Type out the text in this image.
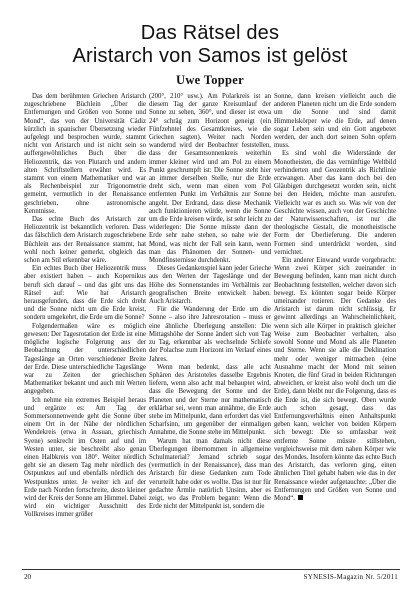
Das Rätsel des
Aristarch von Samos ist gelöst
Uwe Topper

Das dem berühmten Griechen Aristarch zugeschriebene Büchlein „Über die Entfernungen und Größen von Sonne und Mond“, das von der Universität Cádiz kürzlich in spanischer Übersetzung wieder aufgelegt und besprochen wurde, stammt nicht von Aristarch und ist nicht sein so auffergewöhnliches Buch über die Heliozentrik, das von Plutarch und andern alten Schriftstellern erwähnt wird. Es stammt von einem Mathematiker und war als Rechenbeispiel zur Trigonometrie gemeint, vermutlich in der Renaissance geschrieben, ohne astronomische Kenntnisse.

Das echte Buch des Aristarch zur Heliozentrik ist bekanntlich verloren. Dass das fälschlich dem Aristarch zugeschriebene Büchlein aus der Renaissance stammt, hat wohl noch keiner gemerkt, obgleich das schon am Stil erkennbar wäre.

Ein echtes Buch über Heliozentrik muss aber existiert haben – auch Kopernikus beruft sich darauf – und das gibt uns das Rätsel auf: Wie hat Aristarch herausgefunden, dass die Erde sich dreht und die Sonne nicht um die Erde kreist, sondern umgekehrt, die Erde um die Sonne?

Folgendermaßen wäre es möglich gewesen: Der Tagesrotation der Erde ist eine mögliche logische Folgerung aus der Beobachtung der unterschiedlichen Tageslänge an Orten verschiedener Breite der Erde. Diese unterschiedliche Tageslänge war zu Zeiten der griechischen Mathematiker bekannt und auch mit Werten angegeben.

Ich nehme ein extremes Beispiel heraus und ergänze es: Am Tag der Sommersonnenwende geht die Sonne über einem Ort in der Nähe der nördlichen Wendekreis (etwa in Assuan, griechisch Syene) senkrecht im Osten auf und im Westen unter, sie beschreibt also genau einen Halbkreis von 180°. Weiter nördlich geht sie an diesem Tag mehr nördlich des Ostpunktes auf und ebenfalls nördlich des Westpunktes unter. Je weiter ich auf der Erde nach Norden fortschreite, desto kleiner wird der Kreis der Sonne am Himmel. Dabei wird ein wichtiger Ausschnitt des Vollkreises immer größer

(200°, 210° usw.). Am Polarkreis ist an diesem Tag der ganze Kreisumlauf der Sonne zu sehen, 360°, und dieser ist etwa 24° schräg zum Horizont geneigt (ein Fünfzehntel des Gesamtkreises, wie die Griechen sagten). Weiter nach Norden wandernd wird der Beobachter feststellen, dass der Gesamtsonnenkreis weiterhin immer kleiner wird und am Pol zu einem Punkt geschrumpft ist: Die Sonne steht hier an immer derselben Stelle, nur die Erde dreht sich, wenn man einen vom Pol entfernten Punkt im Verhältnis zur Sonne angeht. Der Erdrand, dass diese Mechanik auch funktionieren würde, wenn die Sonne um die Erde kreisen würde, ist sehr leicht zu widerlegen: Die Sonne müsste dann der Erde sehr nahe stehen, so nahe wie der Mond, was nicht der Fall sein kann, wenn man das Phänomen der Sonnen- und Mondfinsternisse durchdenkt.

Dieses Gedankenspiel kann jeder Grieche aus den Werten der Tageslänge und der Höhe des Sonnenstandes im Verhältnis zur geografischen Breite entwickelt haben. Auch Aristarch.

Für die Wanderung der Erde um die Sonne – also ihre Jahresrotation – muss er eine ähnliche Überlegung anstellen: Die Mittagshöhe der Sonne ändert sich von Tag zu Tag, erkennbar als wechselnde Schiefe der Polachse zum Horizont im Verlauf eines Jahres.

Wenn man bedenkt, dass alle acht Sphären des Aristoteles dasselbe Ergebnis liefern, wenn also acht mal behauptet wird, dass die Bewegung der Sonne und der Planeten und der Sterne nur mathematisch erklärbar sei, wenn man annähme, die Erde stehe im Mittelpunkt, dann erfordert das viel Scharfsinn, um gegenüber der einmaligen Annahme, die Sonne stehe im Mittelpunkt.

Warum hat man damals nicht diese Überlegungen übernommen in allgemeine Schulmaterial? Jemand schrieb sogar (vermutlich in der Renaissance), dass man Aristarch für diese Gedanken zum Tode verurteilt habe oder es wollte. Das ist nur für gedachte Ärmlie natürlich Unsinn, aber es zeigt, wo das Problem begann: Wenn die Erde nicht der Mittelpunkt ist, sondern die

Sonne, dann kreisen vielleicht auch die anderen Planeten nicht um die Erde sondern um die Sonne und sind damit Himmelskörper wie die Erde, auf denen sogar Leben sein und ein Gott angebetet werden, der auch dort seinen Sohn opfern muss.

Es sind wohl die Widerstände der Monotheisten, die das vernünftige Weltbild verhinderten und Geozentrik als Richtlinie erzwangen. Aber das kann doch bei den Gläubigen durchgesetzt worden sein, nicht bei den Heiden, möchte man ausrufen. Vielleicht war es auch so. Was wir von der Geschichte wissen, auch von der Geschichte der Naturwissenschaften, ist nur die theologische Gestalt, die monotheistische Form der Überlieferung. Die anderen Formen sind unterdrückt worden, sind vernichtet.

Ein anderer Einwand wurde vorgebracht: Wenn zwei Körper sich zueinander in Bewegung befinden, kann man nicht durch Beobachtung feststellen, welcher davon sich bewegt. Es könnten sogar beide Körper umeinander rotieren. Der Gedanke des Aristarch ist darum nicht schlüssig. Er gewinnt allerdings an Wahrscheinlichkeit, wenn sich alle Körper in praktisch gleicher Weise zum Beobachter verhalten, also sowohl Sonne und Mond als alle Planeten und Sterne. Wenn sie alle die Deklination mehr oder weniger mitmachen (eine Ausnahme macht der Mond mit seinen Knoten, die fünf Grad in beiden Richtungen abweichen, er kreist also wohl doch um die Erde), dann bleibt nur die Folgerung, dass es die Erde ist, die sich bewegt. Oben wurde auch schon gesagt, dass das Entfernungsverhältnis einen Anhaltspunkt geben kann, welcher von beiden Körpern sich bewegt: Die so umfassbar weit entfernte Sonne müsste stillstehen, vergleichsweise mit dem nahen Körper wie des Mondes. Insofern könnte das echte Buch des Aristarch, das verloren ging, einen ähnlichen Titel gehabt haben wie das in der Renaissance wieder aufgetauchte: „Über die Entfernungen und Größen von Sonne und Mond“.

20	SYNESIS-Magazin Nr. 5/2011
